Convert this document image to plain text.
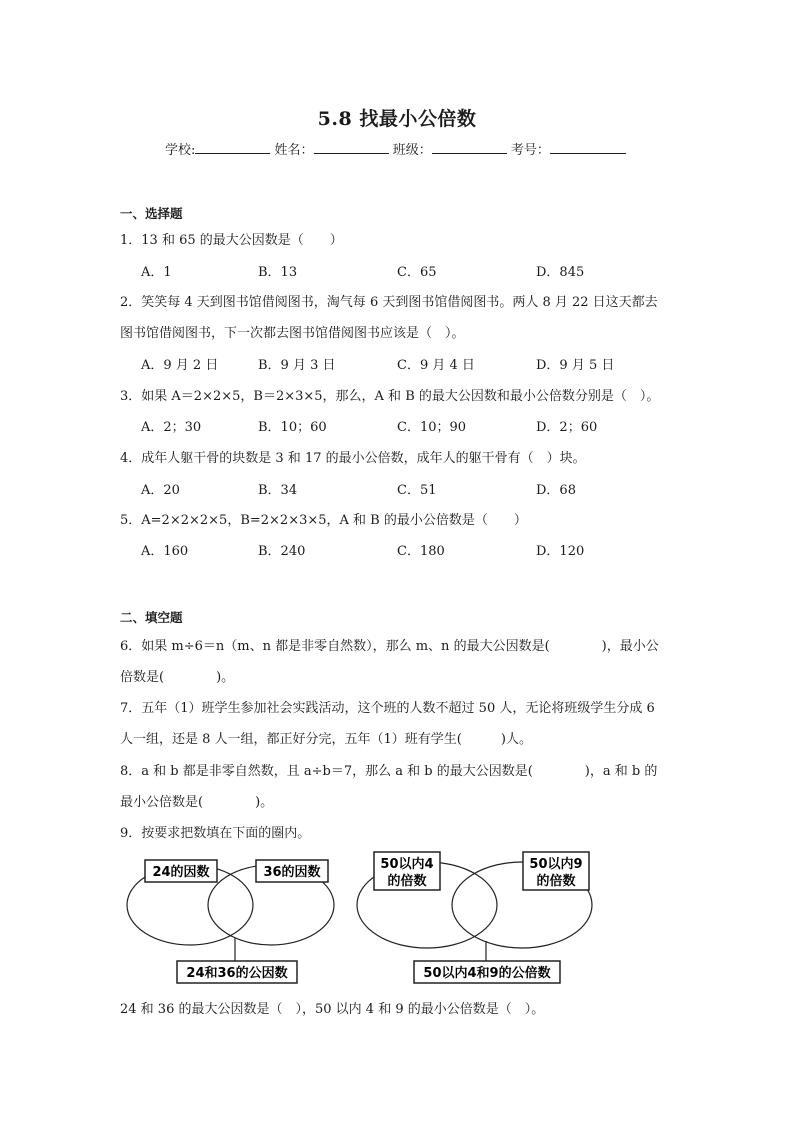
5.8 找最小公倍数
学校:	姓名：	班级：	考号：
一、选择题
1．13 和 65 的最大公因数是（　　）
A．1	B．13	C．65	D．845
2．笑笑每 4 天到图书馆借阅图书，淘气每 6 天到图书馆借阅图书。两人 8 月 22 日这天都去
图书馆借阅图书，下一次都去图书馆借阅图书应该是（　）。
A．9 月 2 日	B．9 月 3 日	C．9 月 4 日	D．9 月 5 日
3．如果 A＝2×2×5，B＝2×3×5，那么，A 和 B 的最大公因数和最小公倍数分别是（　）。
A．2；30	B．10；60	C．10；90	D．2；60
4．成年人躯干骨的块数是 3 和 17 的最小公倍数，成年人的躯干骨有（　）块。
A．20	B．34	C．51	D．68
5．A=2×2×2×5，B=2×2×3×5，A 和 B 的最小公倍数是（　　）
A．160	B．240	C．180	D．120
二、填空题
6．如果 m÷6＝n（m、n 都是非零自然数），那么 m、n 的最大公因数是(　　　　)，最小公
倍数是(　　　　)。
7．五年（1）班学生参加社会实践活动，这个班的人数不超过 50 人，无论将班级学生分成 6
人一组，还是 8 人一组，都正好分完，五年（1）班有学生(　　　)人。
8．a 和 b 都是非零自然数，且 a÷b＝7，那么 a 和 b 的最大公因数是(　　　　)，a 和 b 的
最小公倍数是(　　　　)。
9．按要求把数填在下面的圈内。
24的因数	36的因数
24和36的公因数
50以内4
的倍数
50以内9
的倍数
50以内4和9的公倍数
24 和 36 的最大公因数是（　），50 以内 4 和 9 的最小公倍数是（　）。
